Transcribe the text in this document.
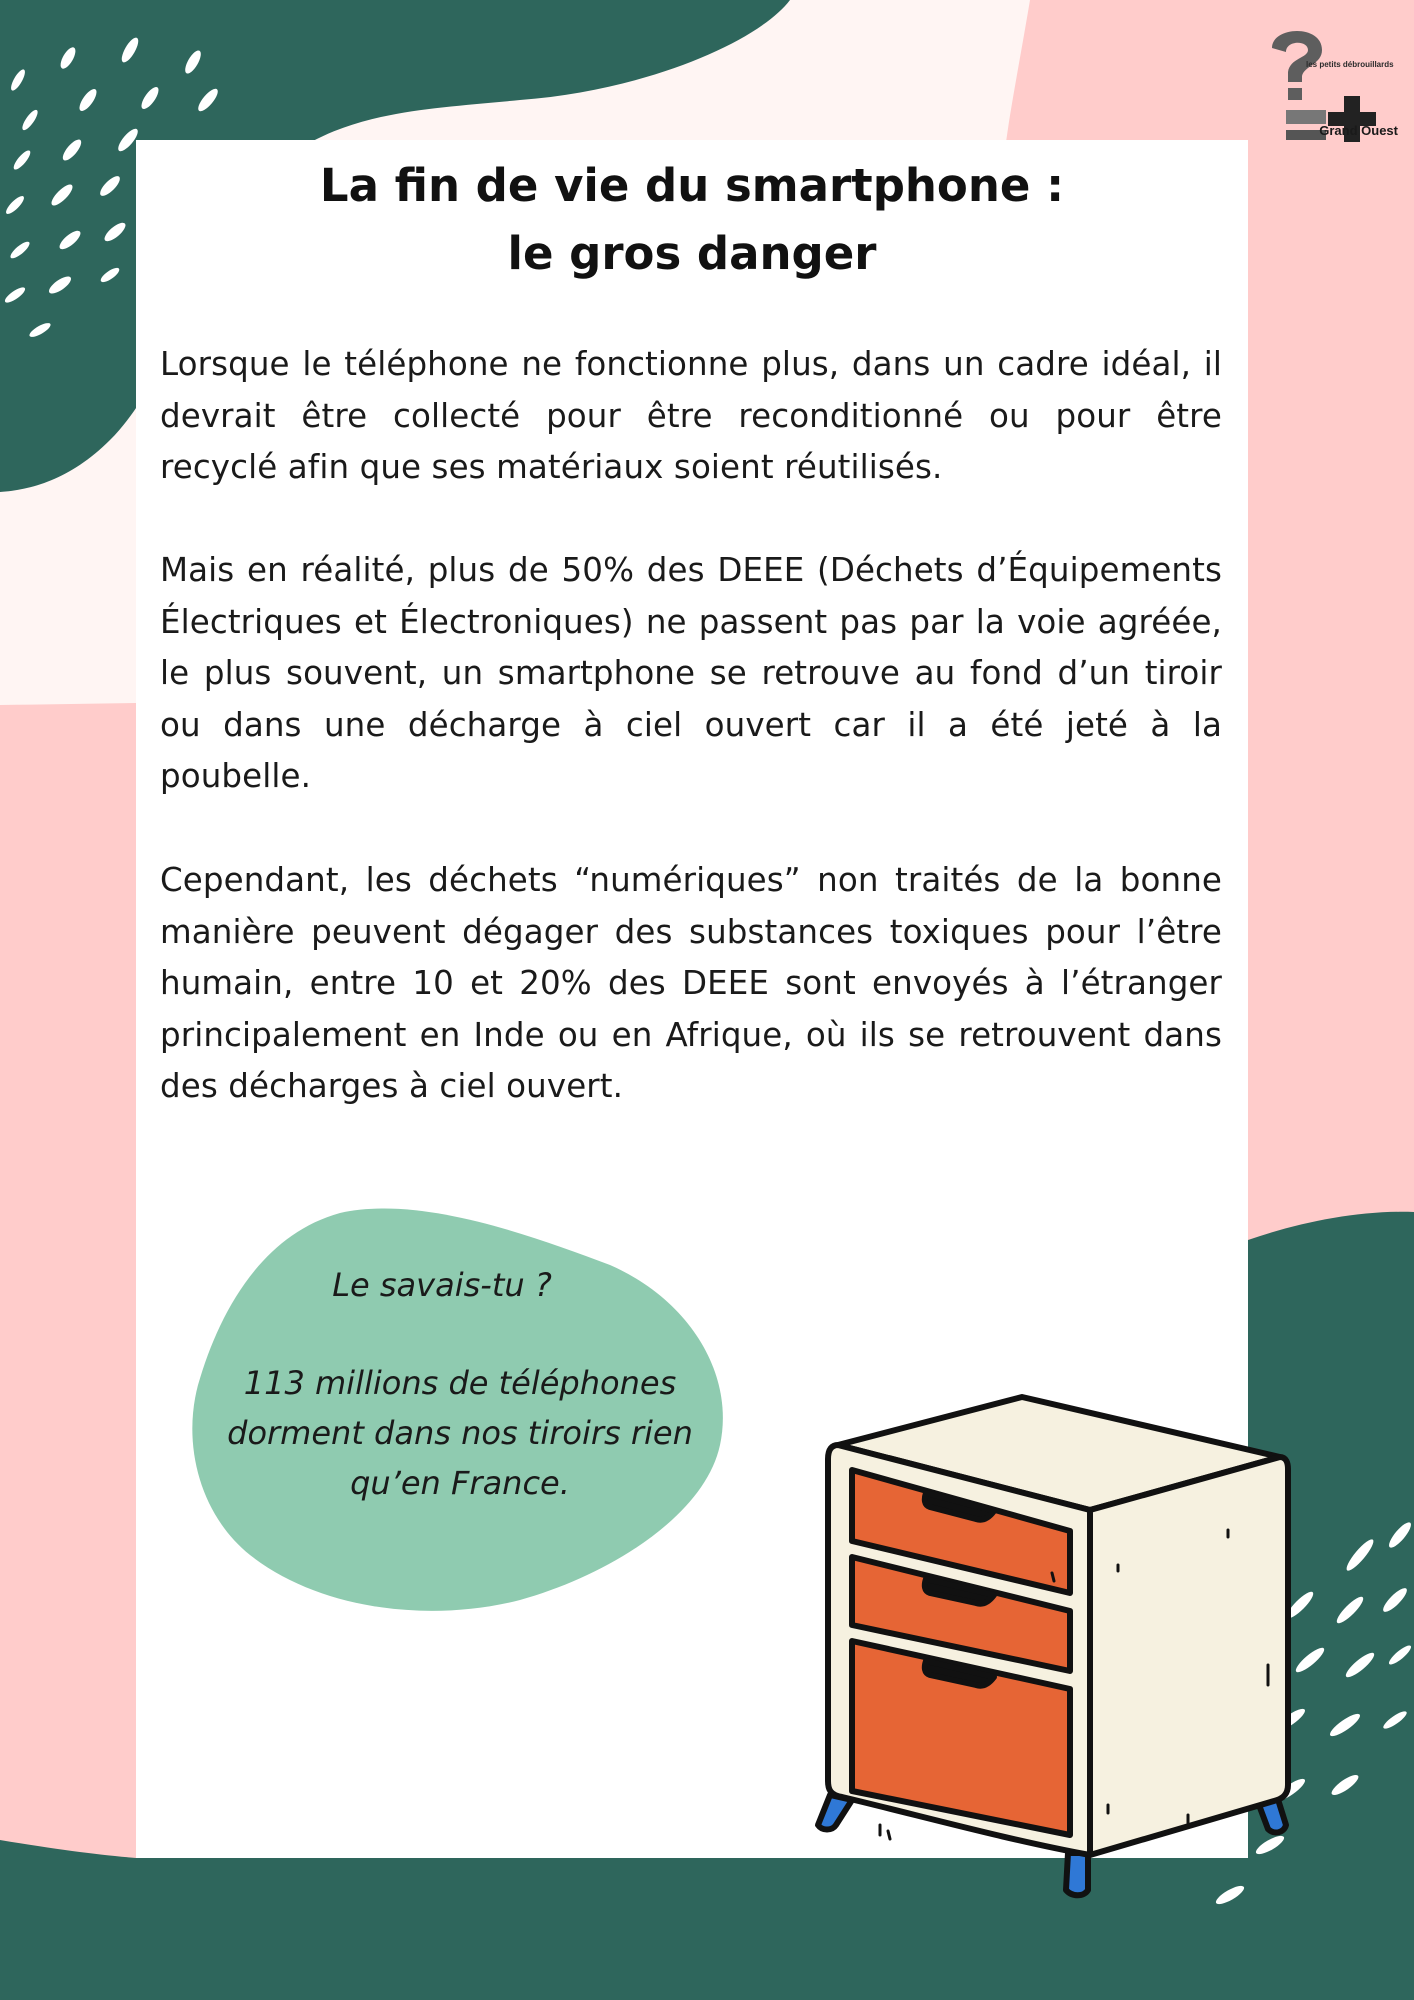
les petits débrouillards
Grand Ouest
La fin de vie du smartphone :
le gros danger

Lorsque le téléphone ne fonctionne plus, dans un cadre idéal, il devrait être collecté pour être reconditionné ou pour être recyclé afin que ses matériaux soient réutilisés.

Mais en réalité, plus de 50% des DEEE (Déchets d’Équipements Électriques et Électroniques) ne passent pas par la voie agréée, le plus souvent, un smartphone se retrouve au fond d’un tiroir ou dans une décharge à ciel ouvert car il a été jeté à la poubelle.

Cependant, les déchets “numériques” non traités de la bonne manière peuvent dégager des substances toxiques pour l’être humain, entre 10 et 20% des DEEE sont envoyés à l’étranger principalement en Inde ou en Afrique, où ils se retrouvent dans des décharges à ciel ouvert.

Le savais-tu ?

113 millions de téléphones dorment dans nos tiroirs rien qu’en France.
